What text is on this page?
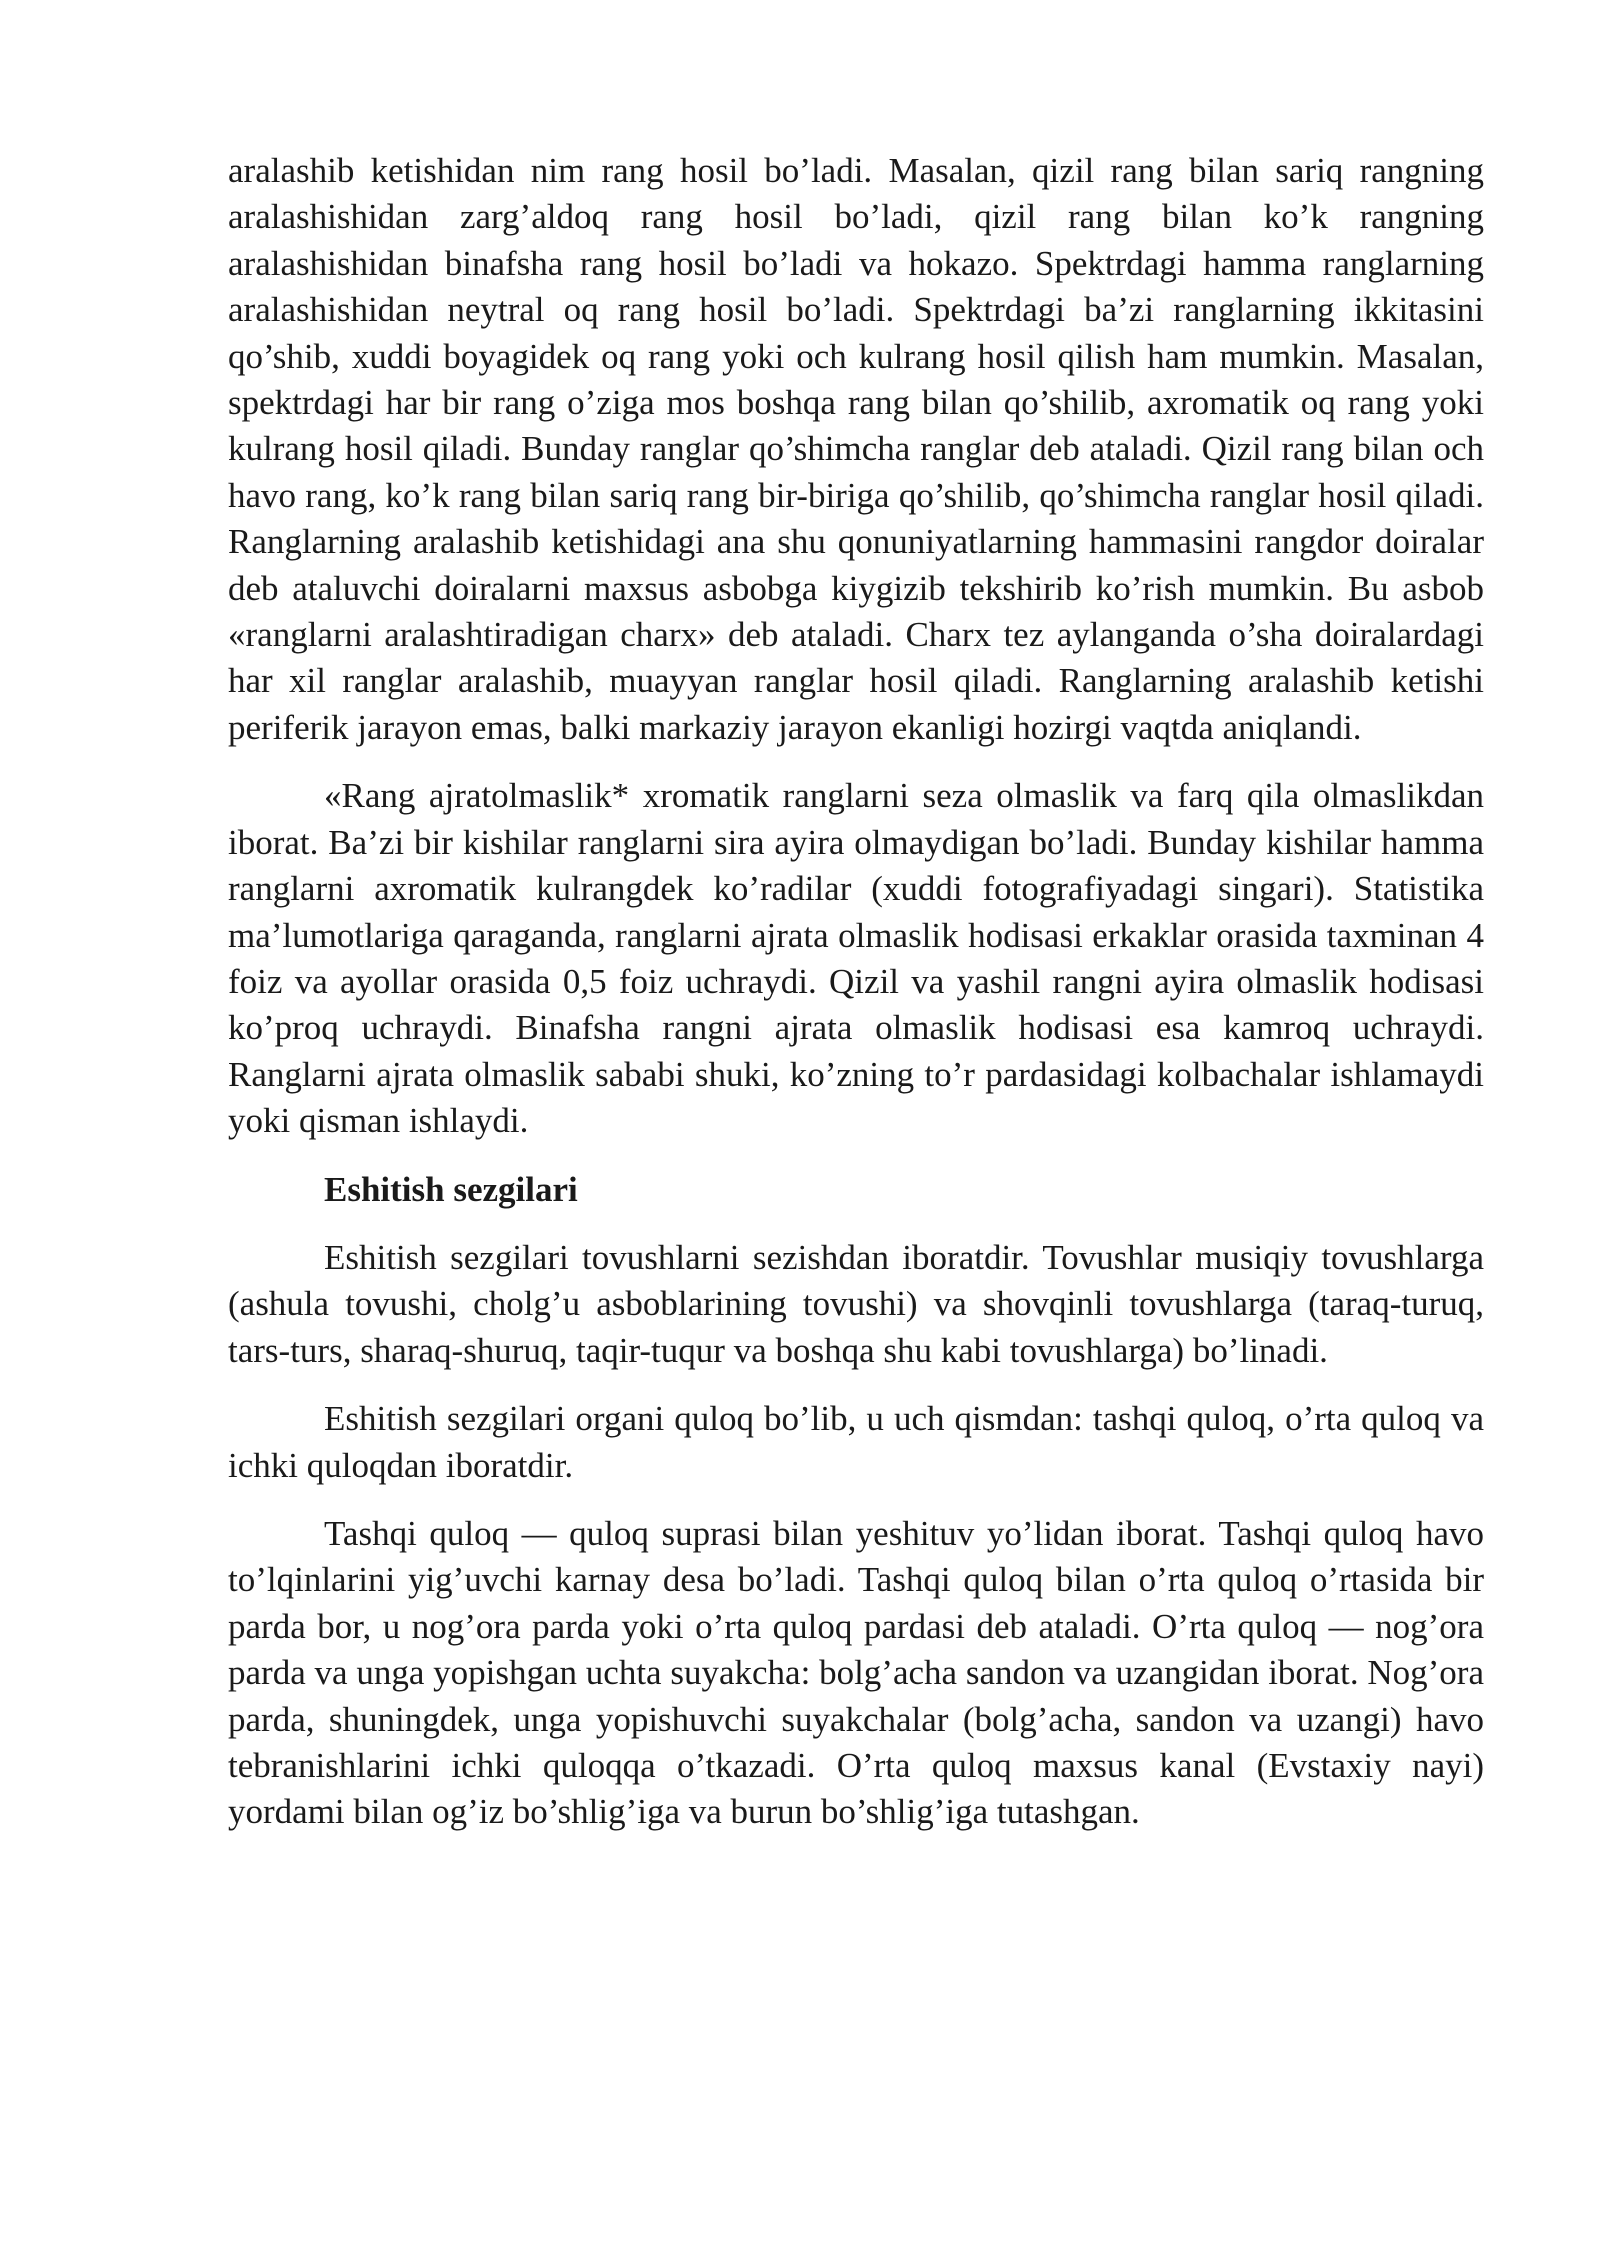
aralashib ketishidan nim rang hosil bo’ladi. Masalan, qizil rang bilan sariq rangning aralashishidan zarg’aldoq rang hosil bo’ladi, qizil rang bilan ko’k rangning aralashishidan binafsha rang hosil bo’ladi va hokazo. Spektrdagi hamma ranglarning aralashishidan neytral oq rang hosil bo’ladi. Spektrdagi ba’zi ranglarning ikkitasini qo’shib, xuddi boyagidek oq rang yoki och kulrang hosil qilish ham mumkin. Masalan, spektrdagi har bir rang o’ziga mos boshqa rang bilan qo’shilib, axromatik oq rang yoki kulrang hosil qiladi. Bunday ranglar qo’shimcha ranglar deb ataladi. Qizil rang bilan och havo rang, ko’k rang bilan sariq rang bir-biriga qo’shilib, qo’shimcha ranglar hosil qiladi. Ranglarning aralashib ketishidagi ana shu qonuniyatlarning hammasini rangdor doiralar deb ataluvchi doiralarni maxsus asbobga kiygizib tekshirib ko’rish mumkin. Bu asbob «ranglarni aralashtiradigan charx» deb ataladi. Charx tez aylanganda o’sha doiralardagi har xil ranglar aralashib, muayyan ranglar hosil qiladi. Ranglarning aralashib ketishi periferik jarayon emas, balki markaziy jarayon ekanligi hozirgi vaqtda aniqlandi.

«Rang ajratolmaslik* xromatik ranglarni seza olmaslik va farq qila olmaslikdan iborat. Ba’zi bir kishilar ranglarni sira ayira olmaydigan bo’ladi. Bunday kishilar hamma ranglarni axromatik kulrangdek ko’radilar (xuddi fotografiyadagi singari). Statistika ma’lumotlariga qaraganda, ranglarni ajrata olmaslik hodisasi erkaklar orasida taxminan 4 foiz va ayollar orasida 0,5 foiz uchraydi. Qizil va yashil rangni ayira olmaslik hodisasi ko’proq uchraydi. Binafsha rangni ajrata olmaslik hodisasi esa kamroq uchraydi. Ranglarni ajrata olmaslik sababi shuki, ko’zning to’r pardasidagi kolbachalar ishlamaydi yoki qisman ishlaydi.

Eshitish sezgilari

Eshitish sezgilari tovushlarni sezishdan iboratdir. Tovushlar musiqiy tovushlarga (ashula tovushi, cholg’u asboblarining tovushi) va shovqinli tovushlarga (taraq-turuq, tars-turs, sharaq-shuruq, taqir-tuqur va boshqa shu kabi tovushlarga) bo’linadi.

Eshitish sezgilari organi quloq bo’lib, u uch qismdan: tashqi quloq, o’rta quloq va ichki quloqdan iboratdir.

Tashqi quloq — quloq suprasi bilan yeshituv yo’lidan iborat. Tashqi quloq havo to’lqinlarini yig’uvchi karnay desa bo’ladi. Tashqi quloq bilan o’rta quloq o’rtasida bir parda bor, u nog’ora parda yoki o’rta quloq pardasi deb ataladi. O’rta quloq — nog’ora parda va unga yopishgan uchta suyakcha: bolg’acha sandon va uzangidan iborat. Nog’ora parda, shuningdek, unga yopishuvchi suyakchalar (bolg’acha, sandon va uzangi) havo tebranishlarini ichki quloqqa o’tkazadi. O’rta quloq maxsus kanal (Evstaxiy nayi) yordami bilan og’iz bo’shlig’iga va burun bo’shlig’iga tutashgan.
